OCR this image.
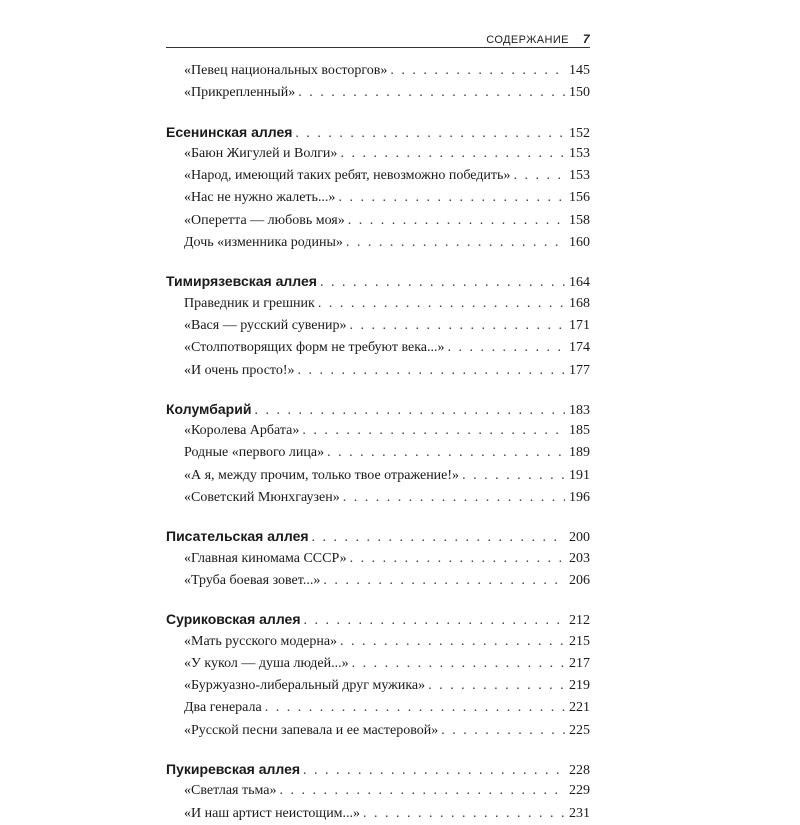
СОДЕРЖАНИЕ 7
«Певец национальных восторгов» . . .	145
«Прикрепленный» . . .	150
Есенинская аллея . . .	152
«Баюн Жигулей и Волги» . . .	153
«Народ, имеющий таких ребят, невозможно победить» . . .	153
«Нас не нужно жалеть...» . . .	156
«Оперетта — любовь моя» . . .	158
Дочь «изменника родины» . . .	160
Тимирязевская аллея . . .	164
Праведник и грешник . . .	168
«Вася — русский сувенир» . . .	171
«Столпотворящих форм не требуют века...» . . .	174
«И очень просто!» . . .	177
Колумбарий . . .	183
«Королева Арбата» . . .	185
Родные «первого лица» . . .	189
«А я, между прочим, только твое отражение!» . . .	191
«Советский Мюнхгаузен» . . .	196
Писательская аллея . . .	200
«Главная киномама СССР» . . .	203
«Труба боевая зовет...» . . .	206
Суриковская аллея . . .	212
«Мать русского модерна» . . .	215
«У кукол — душа людей...» . . .	217
«Буржуазно-либеральный друг мужика» . . .	219
Два генерала . . .	221
«Русской песни запевала и ее мастеровой» . . .	225
Пукиревская аллея . . .	228
«Светлая тьма» . . .	229
«И наш артист неистощим...» . . .	231
